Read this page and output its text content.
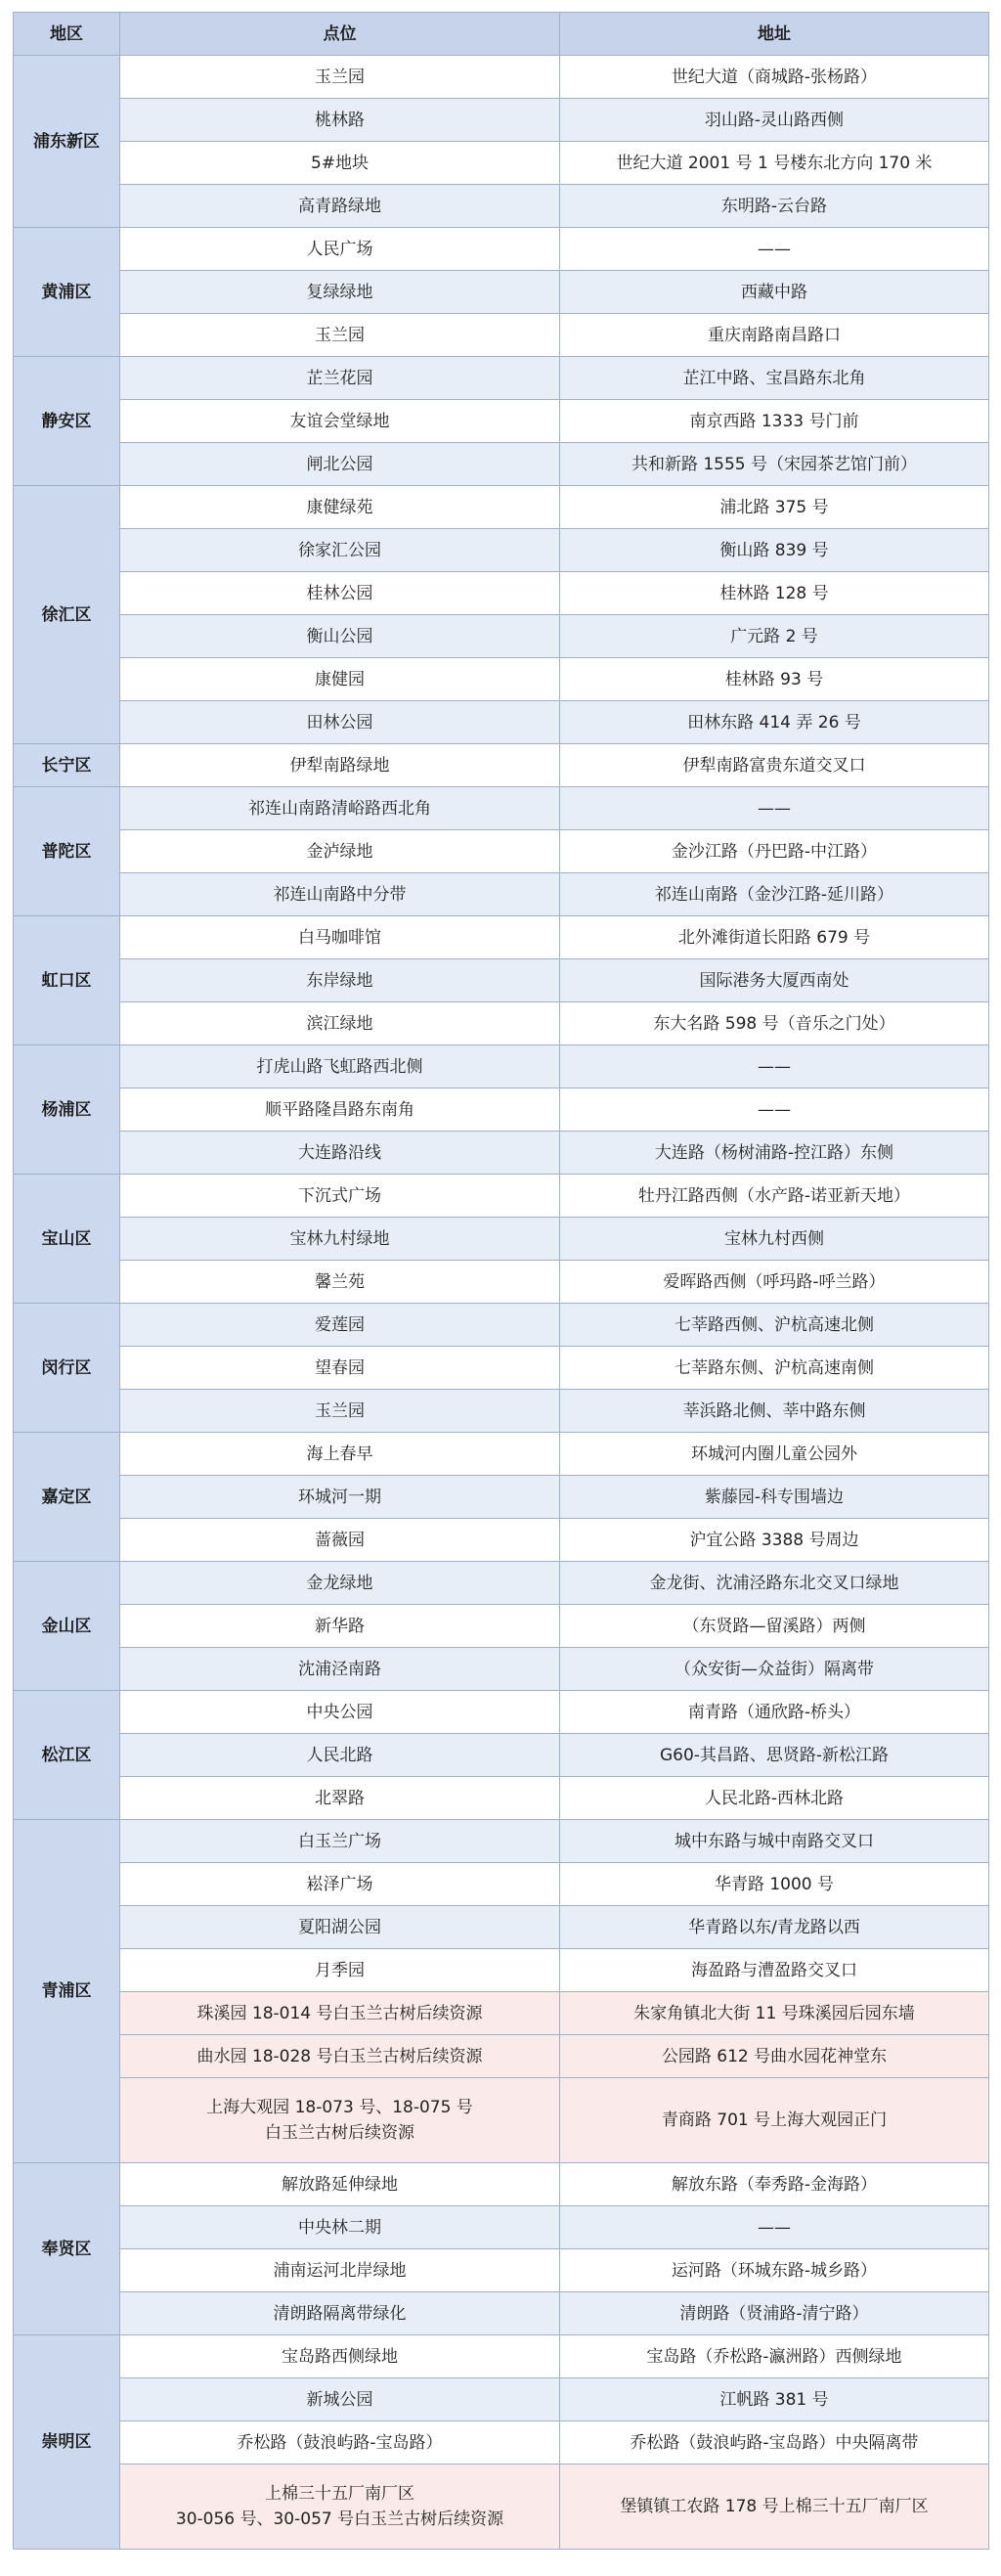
地区	点位	地址
浦东新区	玉兰园	世纪大道（商城路-张杨路）

	桃林路	羽山路-灵山路西侧

	5#地块	世纪大道 2001 号 1 号楼东北方向 170 米

	高青路绿地	东明路-云台路

黄浦区	人民广场	——

	复绿绿地	西藏中路

	玉兰园	重庆南路南昌路口

静安区	芷兰花园	芷江中路、宝昌路东北角

	友谊会堂绿地	南京西路 1333 号门前

	闸北公园	共和新路 1555 号（宋园茶艺馆门前）

徐汇区	康健绿苑	浦北路 375 号

	徐家汇公园	衡山路 839 号

	桂林公园	桂林路 128 号

	衡山公园	广元路 2 号

	康健园	桂林路 93 号

	田林公园	田林东路 414 弄 26 号

长宁区	伊犁南路绿地	伊犁南路富贵东道交叉口

普陀区	祁连山南路清峪路西北角	——

	金泸绿地	金沙江路（丹巴路-中江路）

	祁连山南路中分带	祁连山南路（金沙江路-延川路）

虹口区	白马咖啡馆	北外滩街道长阳路 679 号

	东岸绿地	国际港务大厦西南处

	滨江绿地	东大名路 598 号（音乐之门处）

杨浦区	打虎山路飞虹路西北侧	——

	顺平路隆昌路东南角	——

	大连路沿线	大连路（杨树浦路-控江路）东侧

宝山区	下沉式广场	牡丹江路西侧（水产路-诺亚新天地）

	宝林九村绿地	宝林九村西侧

	馨兰苑	爱晖路西侧（呼玛路-呼兰路）

闵行区	爱莲园	七莘路西侧、沪杭高速北侧

	望春园	七莘路东侧、沪杭高速南侧

	玉兰园	莘浜路北侧、莘中路东侧

嘉定区	海上春早	环城河内圈儿童公园外

	环城河一期	紫藤园-科专围墙边

	蔷薇园	沪宜公路 3388 号周边

金山区	金龙绿地	金龙街、沈浦泾路东北交叉口绿地

	新华路	（东贤路—留溪路）两侧

	沈浦泾南路	（众安街—众益街）隔离带

松江区	中央公园	南青路（通欣路-桥头）

	人民北路	G60-其昌路、思贤路-新松江路

	北翠路	人民北路-西林北路

青浦区	白玉兰广场	城中东路与城中南路交叉口

	崧泽广场	华青路 1000 号

	夏阳湖公园	华青路以东/青龙路以西

	月季园	海盈路与漕盈路交叉口

	珠溪园 18-014 号白玉兰古树后续资源	朱家角镇北大街 11 号珠溪园后园东墙

	曲水园 18-028 号白玉兰古树后续资源	公园路 612 号曲水园花神堂东

	上海大观园 18-073 号、18-075 号
白玉兰古树后续资源	青商路 701 号上海大观园正门

奉贤区	解放路延伸绿地	解放东路（奉秀路-金海路）

	中央林二期	——

	浦南运河北岸绿地	运河路（环城东路-城乡路）

	清朗路隔离带绿化	清朗路（贤浦路-清宁路）

崇明区	宝岛路西侧绿地	宝岛路（乔松路-瀛洲路）西侧绿地

	新城公园	江帆路 381 号

	乔松路（鼓浪屿路-宝岛路）	乔松路（鼓浪屿路-宝岛路）中央隔离带

	上棉三十五厂南厂区
30-056 号、30-057 号白玉兰古树后续资源	堡镇镇工农路 178 号上棉三十五厂南厂区
